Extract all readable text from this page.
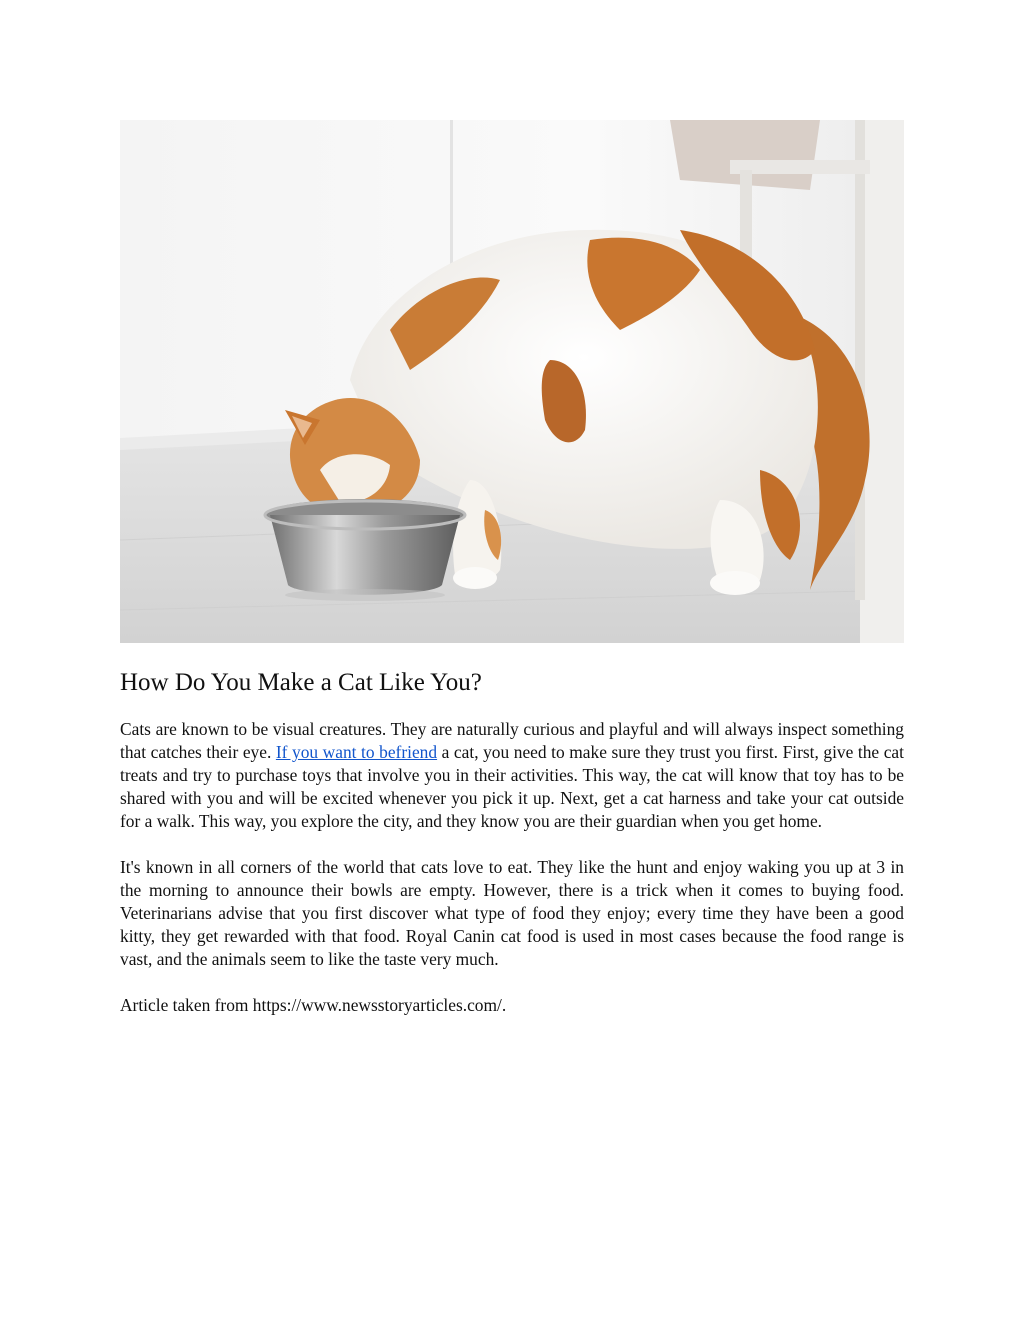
How Do You Make a Cat Like You?

Cats are known to be visual creatures. They are naturally curious and playful and will always inspect something that catches their eye. If you want to befriend a cat, you need to make sure they trust you first. First, give the cat treats and try to purchase toys that involve you in their activities. This way, the cat will know that toy has to be shared with you and will be excited whenever you pick it up. Next, get a cat harness and take your cat outside for a walk. This way, you explore the city, and they know you are their guardian when you get home.

It's known in all corners of the world that cats love to eat. They like the hunt and enjoy waking you up at 3 in the morning to announce their bowls are empty. However, there is a trick when it comes to buying food. Veterinarians advise that you first discover what type of food they enjoy; every time they have been a good kitty, they get rewarded with that food. Royal Canin cat food is used in most cases because the food range is vast, and the animals seem to like the taste very much.

Article taken from https://www.newsstoryarticles.com/.
